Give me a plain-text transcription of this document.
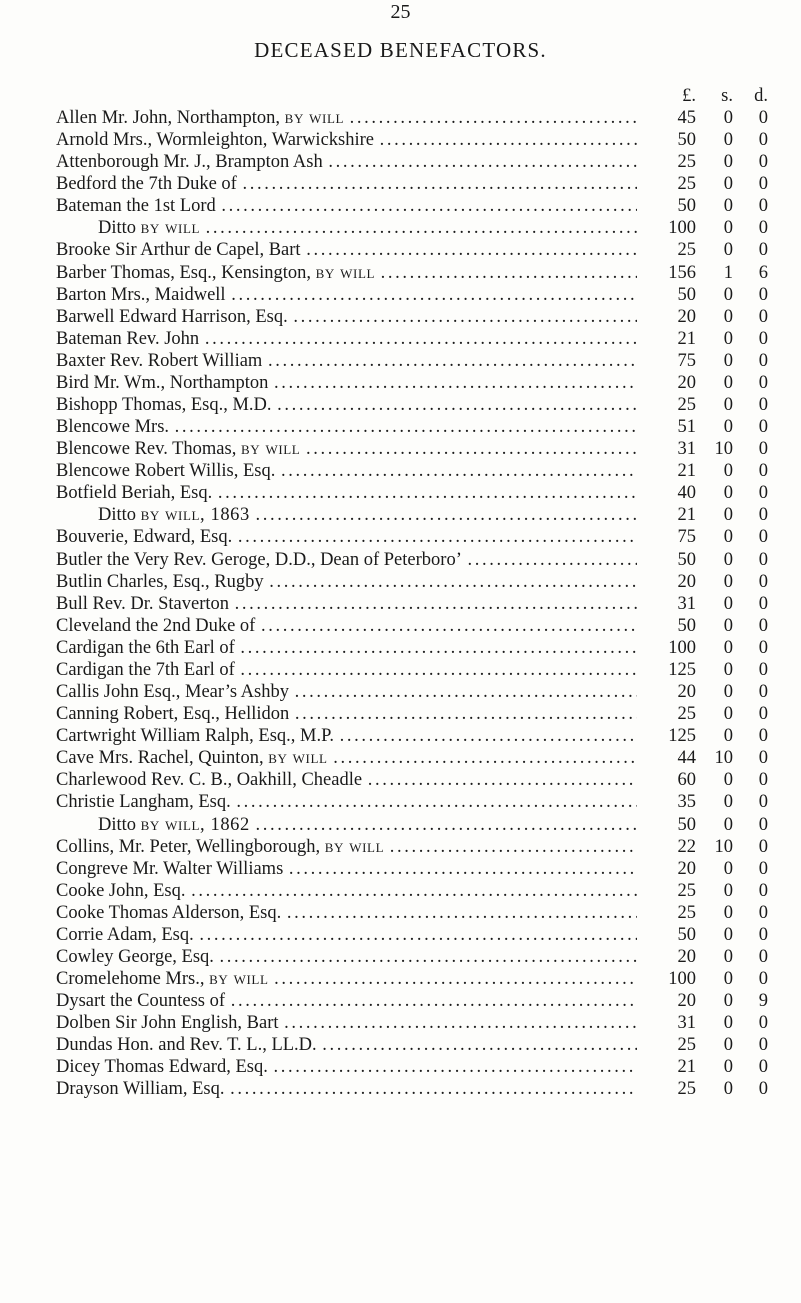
25
DECEASED BENEFACTORS.
£.	s.	d.
Allen Mr. John, Northampton, by will . . .	45	0	0
Arnold Mrs., Wormleighton, Warwickshire . . .	50	0	0
Attenborough Mr. J., Brampton Ash . . .	25	0	0
Bedford the 7th Duke of . . .	25	0	0
Bateman the 1st Lord . . .	50	0	0
Ditto by will . . .	100	0	0
Brooke Sir Arthur de Capel, Bart . . .	25	0	0
Barber Thomas, Esq., Kensington, by will . . .	156	1	6
Barton Mrs., Maidwell . . .	50	0	0
Barwell Edward Harrison, Esq. . . .	20	0	0
Bateman Rev. John . . .	21	0	0
Baxter Rev. Robert William . . .	75	0	0
Bird Mr. Wm., Northampton . . .	20	0	0
Bishopp Thomas, Esq., M.D. . . .	25	0	0
Blencowe Mrs. . . .	51	0	0
Blencowe Rev. Thomas, by will . . .	31	10	0
Blencowe Robert Willis, Esq. . . .	21	0	0
Botfield Beriah, Esq. . . .	40	0	0
Ditto by will, 1863 . . .	21	0	0
Bouverie, Edward, Esq. . . .	75	0	0
Butler the Very Rev. Geroge, D.D., Dean of Peterboro’ . . .	50	0	0
Butlin Charles, Esq., Rugby . . .	20	0	0
Bull Rev. Dr. Staverton . . .	31	0	0
Cleveland the 2nd Duke of . . .	50	0	0
Cardigan the 6th Earl of . . .	100	0	0
Cardigan the 7th Earl of . . .	125	0	0
Callis John Esq., Mear’s Ashby . . .	20	0	0
Canning Robert, Esq., Hellidon . . .	25	0	0
Cartwright William Ralph, Esq., M.P. . . .	125	0	0
Cave Mrs. Rachel, Quinton, by will . . .	44	10	0
Charlewood Rev. C. B., Oakhill, Cheadle . . .	60	0	0
Christie Langham, Esq. . . .	35	0	0
Ditto by will, 1862 . . .	50	0	0
Collins, Mr. Peter, Wellingborough, by will . . .	22	10	0
Congreve Mr. Walter Williams . . .	20	0	0
Cooke John, Esq. . . .	25	0	0
Cooke Thomas Alderson, Esq. . . .	25	0	0
Corrie Adam, Esq. . . .	50	0	0
Cowley George, Esq. . . .	20	0	0
Cromelehome Mrs., by will . . .	100	0	0
Dysart the Countess of . . .	20	0	9
Dolben Sir John English, Bart . . .	31	0	0
Dundas Hon. and Rev. T. L., LL.D. . . .	25	0	0
Dicey Thomas Edward, Esq. . . .	21	0	0
Drayson William, Esq. . . .	25	0	0
